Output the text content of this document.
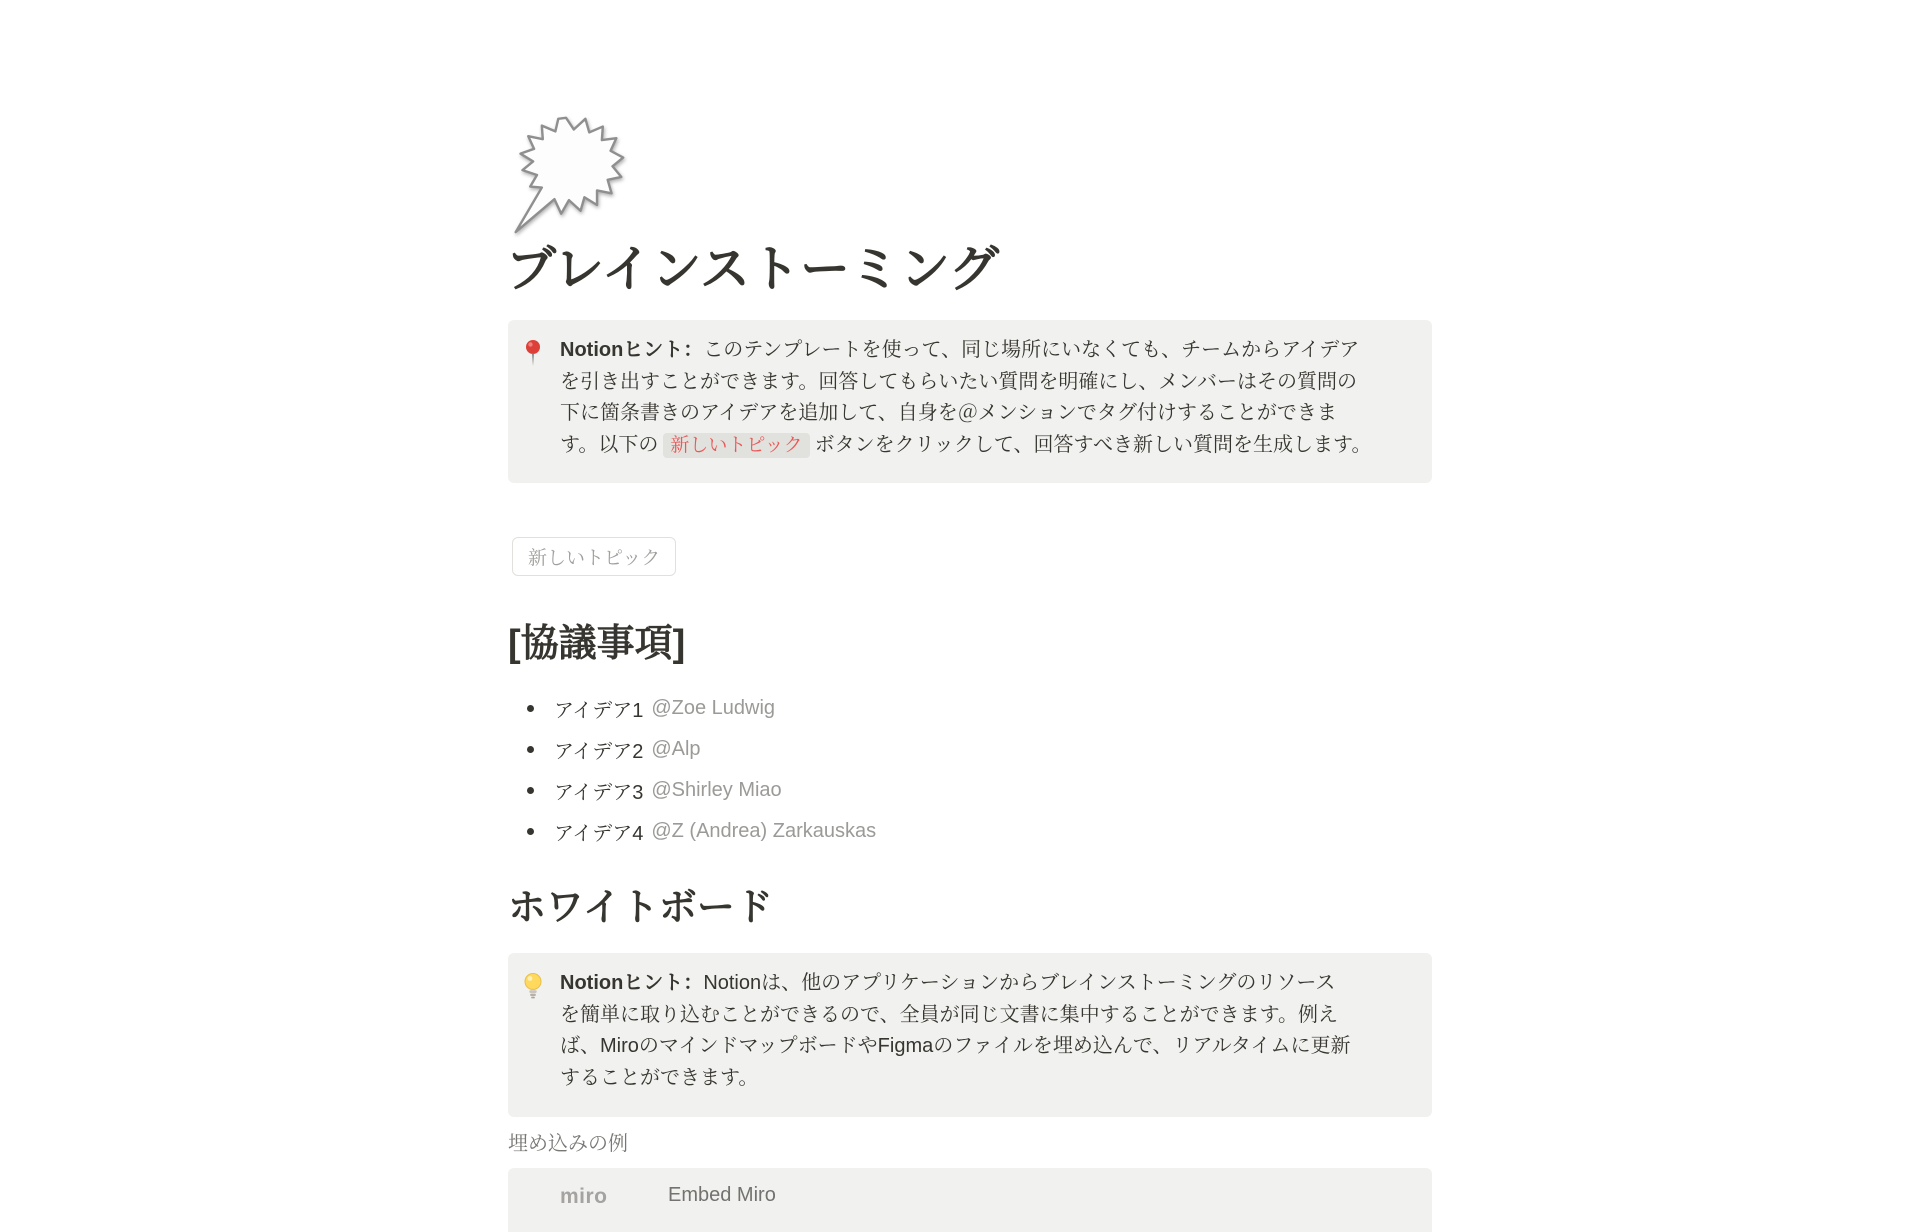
ブレインストーミング
Notionヒント：このテンプレートを使って、同じ場所にいなくても、チームからアイデア
を引き出すことができます。回答してもらいたい質問を明確にし、メンバーはその質問の
下に箇条書きのアイデアを追加して、自身を＠メンションでタグ付けすることができま
す。以下の 新しいトピック ボタンをクリックして、回答すべき新しい質問を生成します。
新しいトピック
[協議事項]
アイデア1 @Zoe Ludwig
アイデア2 @Alp
アイデア3 @Shirley Miao
アイデア4 @Z (Andrea) Zarkauskas
ホワイトボード
Notionヒント：Notionは、他のアプリケーションからブレインストーミングのリソース
を簡単に取り込むことができるので、全員が同じ文書に集中することができます。例え
ば、MiroのマインドマップボードやFigmaのファイルを埋め込んで、リアルタイムに更新
することができます。
埋め込みの例
miro	Embed Miro
